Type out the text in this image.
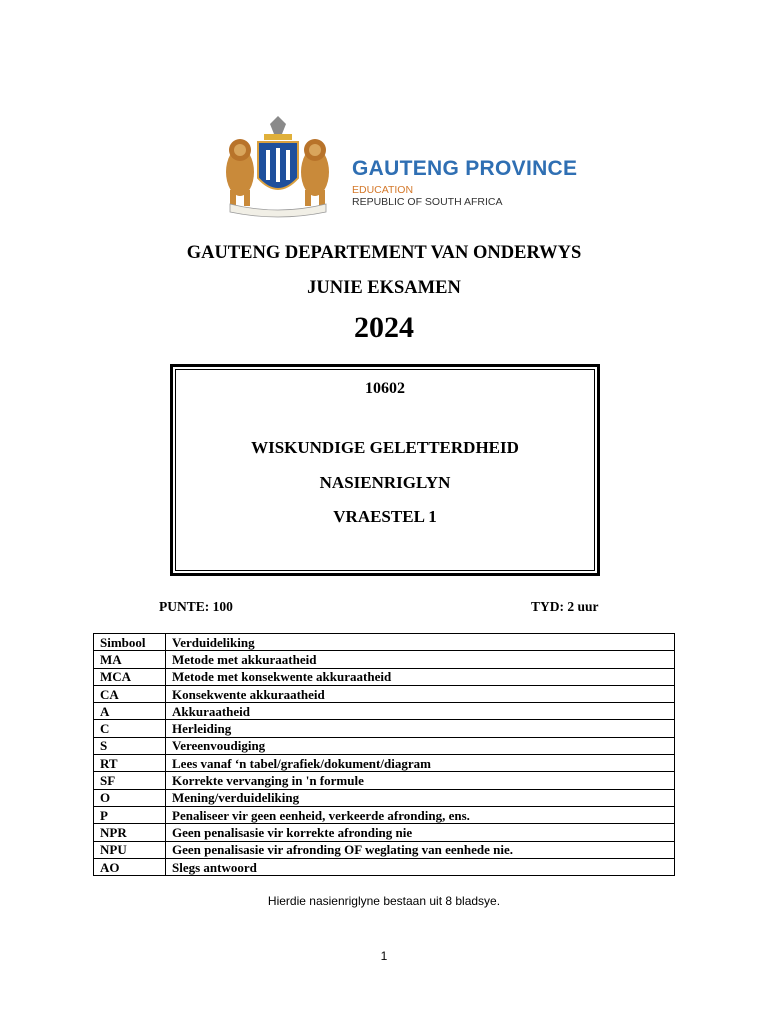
GAUTENG PROVINCE
EDUCATION
REPUBLIC OF SOUTH AFRICA
GAUTENG DEPARTEMENT VAN ONDERWYS
JUNIE EKSAMEN
2024
10602
WISKUNDIGE GELETTERDHEID
NASIENRIGLYN
VRAESTEL 1
PUNTE: 100	TYD: 2 uur
Simbool	Verduideliking
MA	Metode met akkuraatheid
MCA	Metode met konsekwente akkuraatheid
CA	Konsekwente akkuraatheid
A	Akkuraatheid
C	Herleiding
S	Vereenvoudiging
RT	Lees vanaf ‘n tabel/grafiek/dokument/diagram
SF	Korrekte vervanging in 'n formule
O	Mening/verduideliking
P	Penaliseer vir geen eenheid, verkeerde afronding, ens.
NPR	Geen penalisasie vir korrekte afronding nie
NPU	Geen penalisasie vir afronding OF weglating van eenhede nie.
AO	Slegs antwoord
Hierdie nasienriglyne bestaan uit 8 bladsye.
1
